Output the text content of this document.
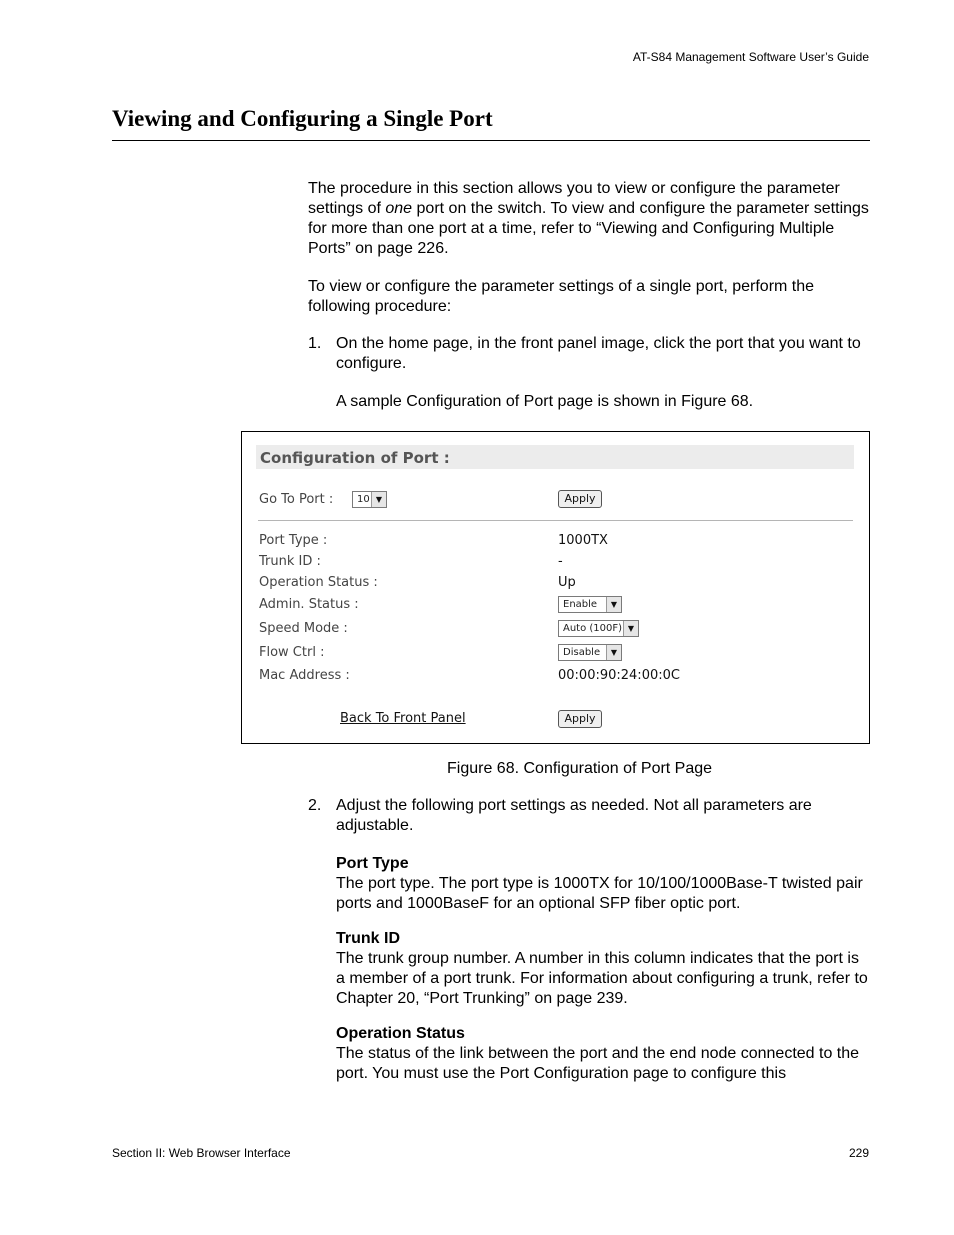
AT-S84 Management Software User’s Guide
Viewing and Configuring a Single Port

The procedure in this section allows you to view or configure the parameter settings of one port on the switch. To view and configure the parameter settings for more than one port at a time, refer to “Viewing and Configuring Multiple Ports” on page 226.

To view or configure the parameter settings of a single port, perform the following procedure:

1. On the home page, in the front panel image, click the port that you want to configure.

A sample Configuration of Port page is shown in Figure 68.

Configuration of Port :
Go To Port :	10 ▼	Apply
Port Type :	1000TX
Trunk ID :	-
Operation Status :	Up
Admin. Status :	Enable	▼
Speed Mode :	Auto (100F) ▼
Flow Ctrl :	Disable	▼
Mac Address :	00:00:90:24:00:0C
Back To Front Panel	Apply
Figure 68. Configuration of Port Page
2. Adjust the following port settings as needed. Not all parameters are adjustable.

Port Type
The port type. The port type is 1000TX for 10/100/1000Base-T twisted pair ports and 1000BaseF for an optional SFP fiber optic port.
Trunk ID
The trunk group number. A number in this column indicates that the port is a member of a port trunk. For information about configuring a trunk, refer to Chapter 20, “Port Trunking” on page 239.
Operation Status
The status of the link between the port and the end node connected to the port. You must use the Port Configuration page to configure this
Section II: Web Browser Interface	229
